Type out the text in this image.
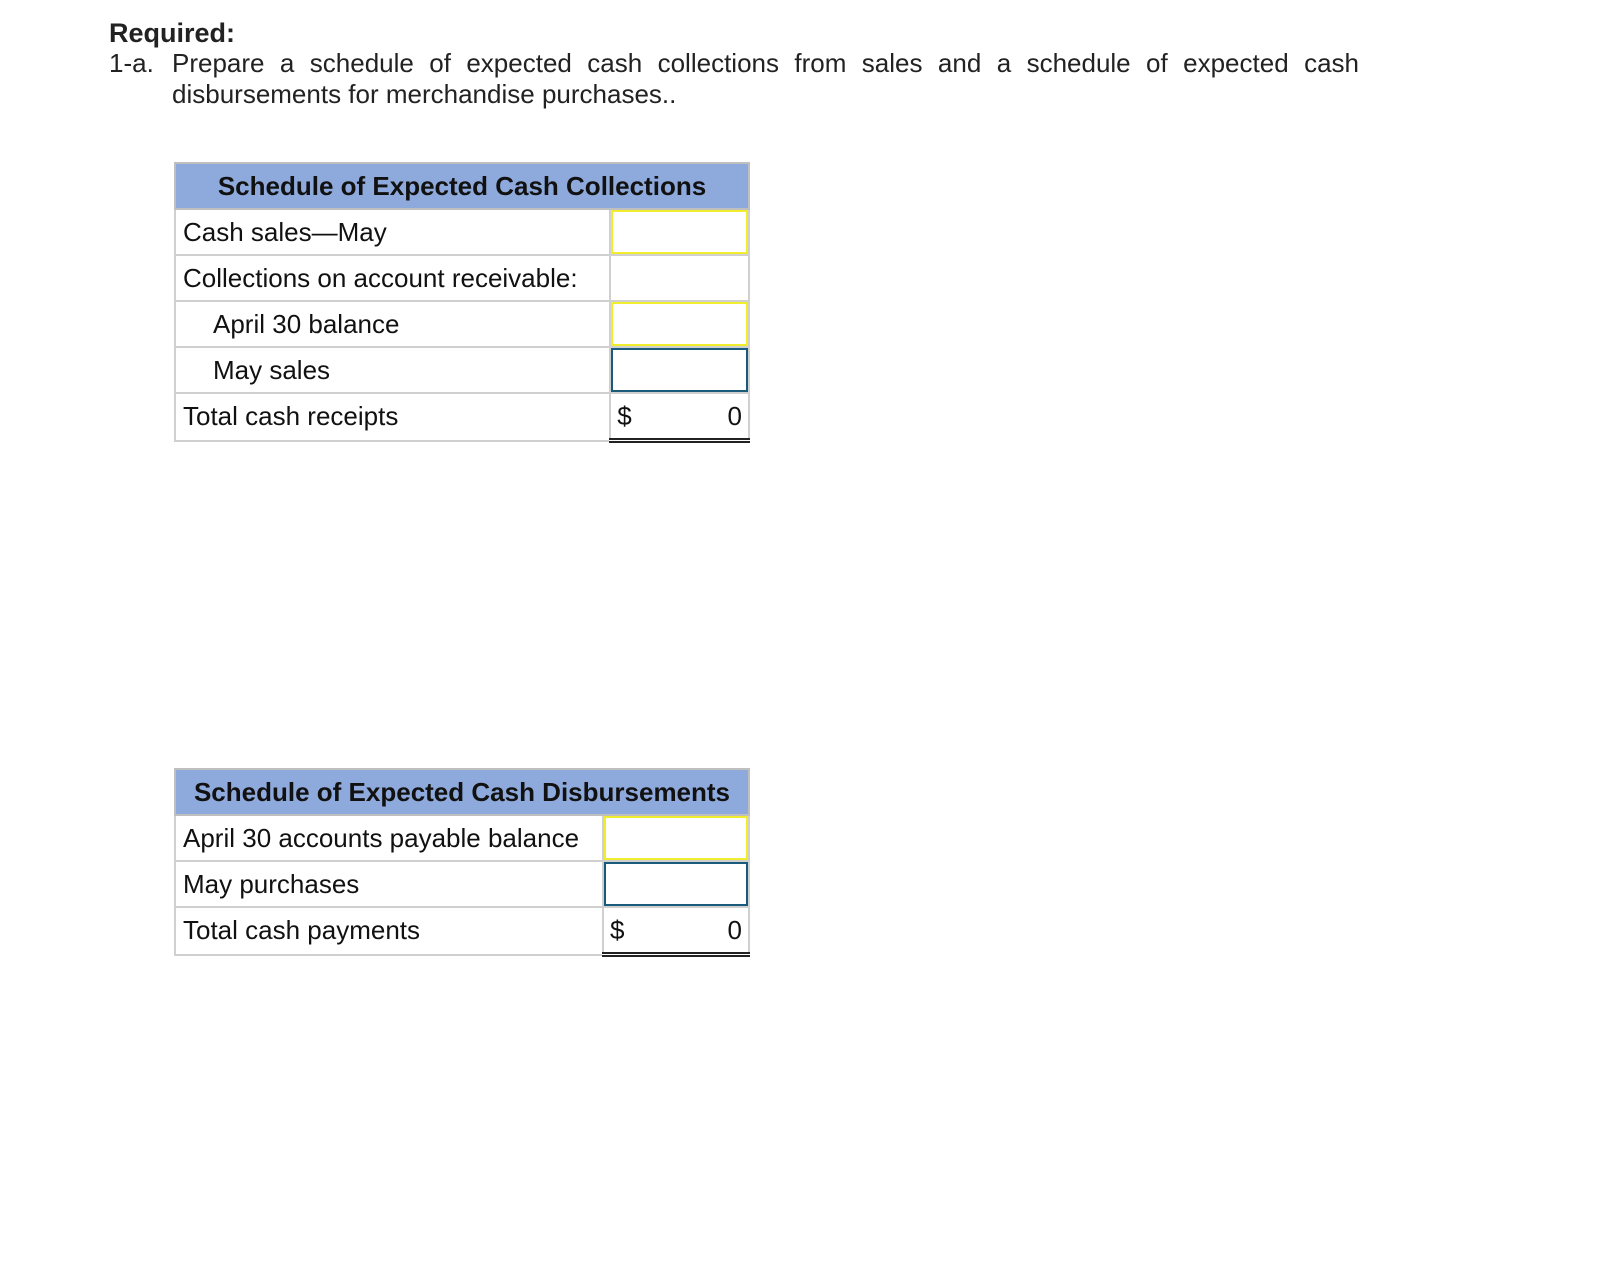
Required:
1-a. Prepare a schedule of expected cash collections from sales and a schedule of expected cash disbursements for merchandise purchases..
Schedule of Expected Cash Collections	
Cash sales—May	

Collections on account receivable:	
April 30 balance	

May sales	

Total cash receipts	$ 0
Schedule of Expected Cash Disbursements	
April 30 accounts payable balance	

May purchases	

Total cash payments	$ 0
